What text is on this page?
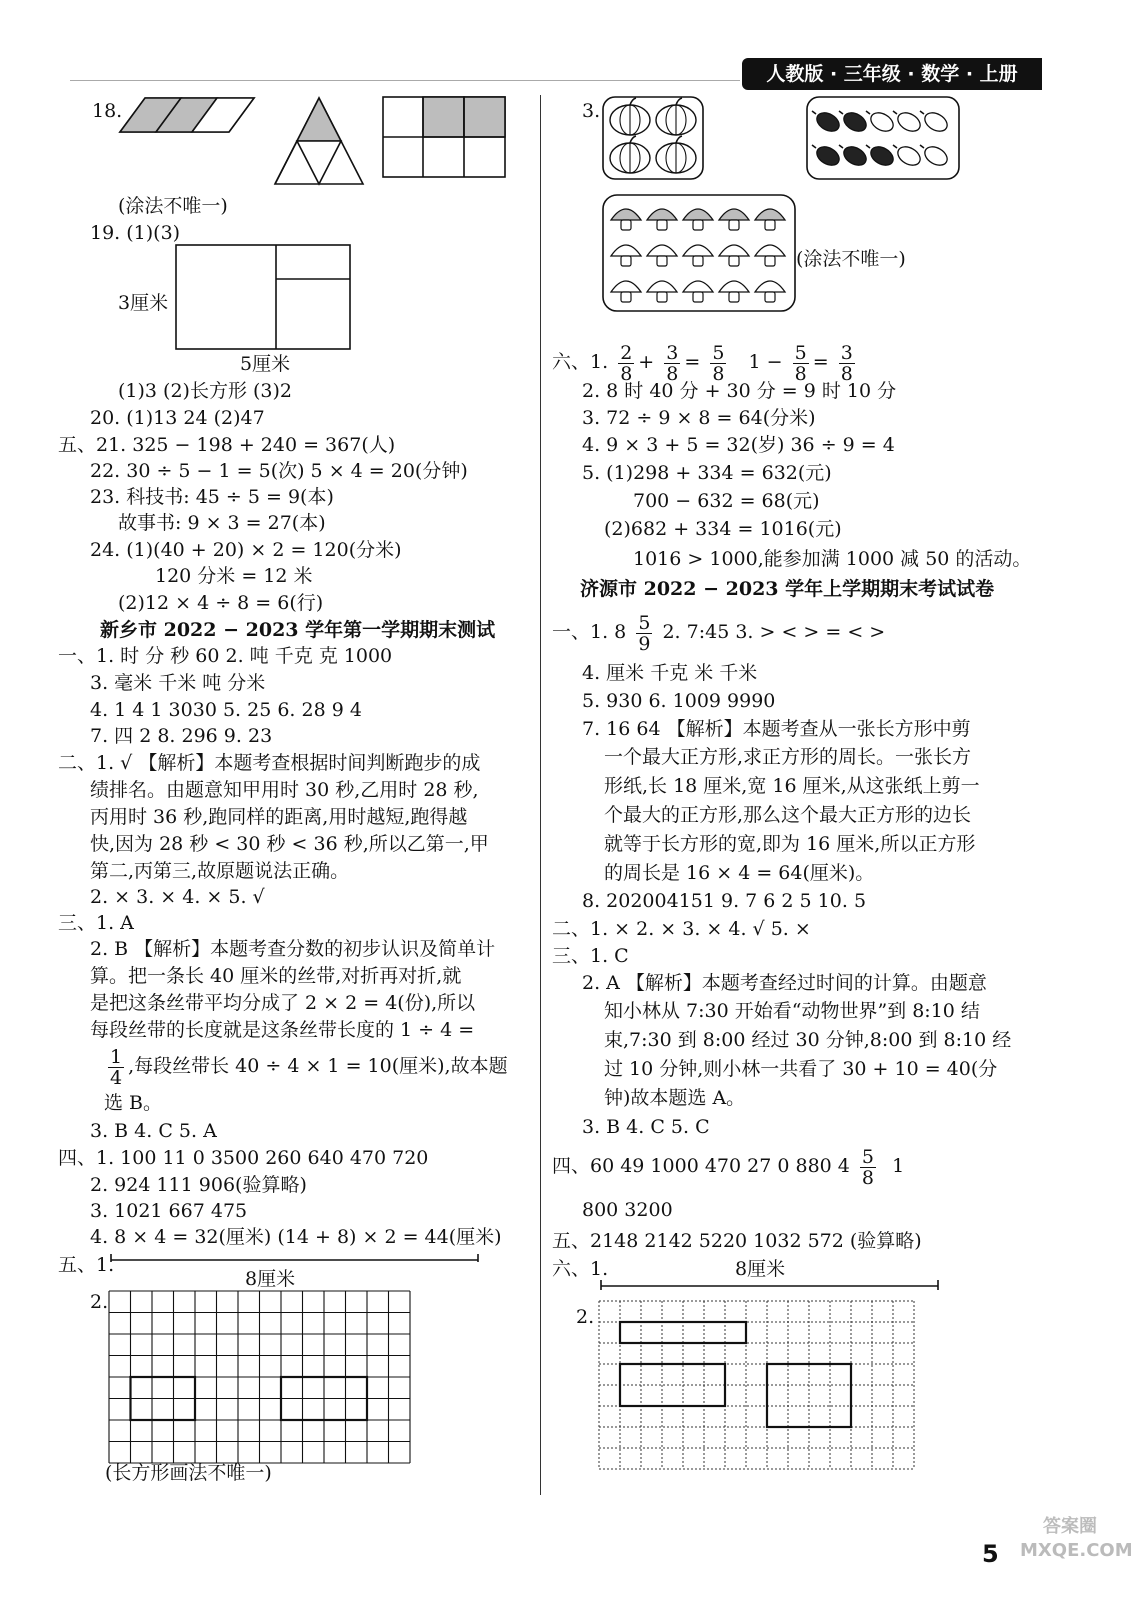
人教版 · 三年级 · 数学 · 上册
18.
(涂法不唯一)
19. (1)(3)
3厘米
5厘米
(1)3 (2)长方形 (3)2
20. (1)13 24 (2)47
五、21. 325 − 198 + 240 = 367(人)
22. 30 ÷ 5 − 1 = 5(次) 5 × 4 = 20(分钟)
23. 科技书: 45 ÷ 5 = 9(本)
故事书: 9 × 3 = 27(本)
24. (1)(40 + 20) × 2 = 120(分米)
120 分米 = 12 米
(2)12 × 4 ÷ 8 = 6(行)
新乡市 2022 − 2023 学年第一学期期末测试
一、1. 时 分 秒 60 2. 吨 千克 克 1000
3. 毫米 千米 吨 分米
4. 1 4 1 3030 5. 25 6. 28 9 4
7. 四 2 8. 296 9. 23
二、1. √ 【解析】本题考查根据时间判断跑步的成
绩排名。由题意知甲用时 30 秒,乙用时 28 秒,
丙用时 36 秒,跑同样的距离,用时越短,跑得越
快,因为 28 秒 < 30 秒 < 36 秒,所以乙第一,甲
第二,丙第三,故原题说法正确。
2. × 3. × 4. × 5. √
三、1. A
2. B 【解析】本题考查分数的初步认识及简单计
算。把一条长 40 厘米的丝带,对折再对折,就
是把这条丝带平均分成了 2 × 2 = 4(份),所以
每段丝带的长度就是这条丝带长度的 1 ÷ 4 =
$\frac{1}{4}$ ,每段丝带长 40 ÷ 4 × 1 = 10(厘米),故本题
选 B。
3. B 4. C 5. A
四、1. 100 11 0 3500 260 640 470 720
2. 924 111 906(验算略)
3. 1021 667 475
4. 8 × 4 = 32(厘米) (14 + 8) × 2 = 44(厘米)
五、1.
8厘米
2.
(长方形画法不唯一)
3.
(涂法不唯一)
六、1. $\frac{2}{8} + \frac{3}{8} = \frac{5}{8} 1 - \frac{5}{8} = \frac{3}{8}$
2. 8 时 40 分 + 30 分 = 9 时 10 分
3. 72 ÷ 9 × 8 = 64(分米)
4. 9 × 3 + 5 = 32(岁) 36 ÷ 9 = 4
5. (1)298 + 334 = 632(元)
700 − 632 = 68(元)
(2)682 + 334 = 1016(元)
1016 > 1000,能参加满 1000 减 50 的活动。
济源市 2022 − 2023 学年上学期期末考试试卷
一、1. $8 \frac{5}{9} 2$. 7:45 3. > < > = < >
4. 厘米 千克 米 千米
5. 930 6. 1009 9990
7. 16 64 【解析】本题考查从一张长方形中剪
一个最大正方形,求正方形的周长。一张长方
形纸,长 18 厘米,宽 16 厘米,从这张纸上剪一
个最大的正方形,那么这个最大正方形的边长
就等于长方形的宽,即为 16 厘米,所以正方形
的周长是 16 × 4 = 64(厘米)。
8. 202004151 9. 7 6 2 5 10. 5
二、1. × 2. × 3. × 4. √ 5. ×
三、1. C
2. A 【解析】本题考查经过时间的计算。由题意
知小林从 7:30 开始看“动物世界”到 8:10 结
束,7:30 到 8:00 经过 30 分钟,8:00 到 8:10 经
过 10 分钟,则小林一共看了 30 + 10 = 40(分
钟)故本题选 A。
3. B 4. C 5. C
四、60 49 1000 470 27 0 880 $4 \frac{5}{8} 1$
800 3200
五、2148 2142 5220 1032 572 (验算略)
六、1.	8厘米
2.
5
答案圈
MXQE.COM
